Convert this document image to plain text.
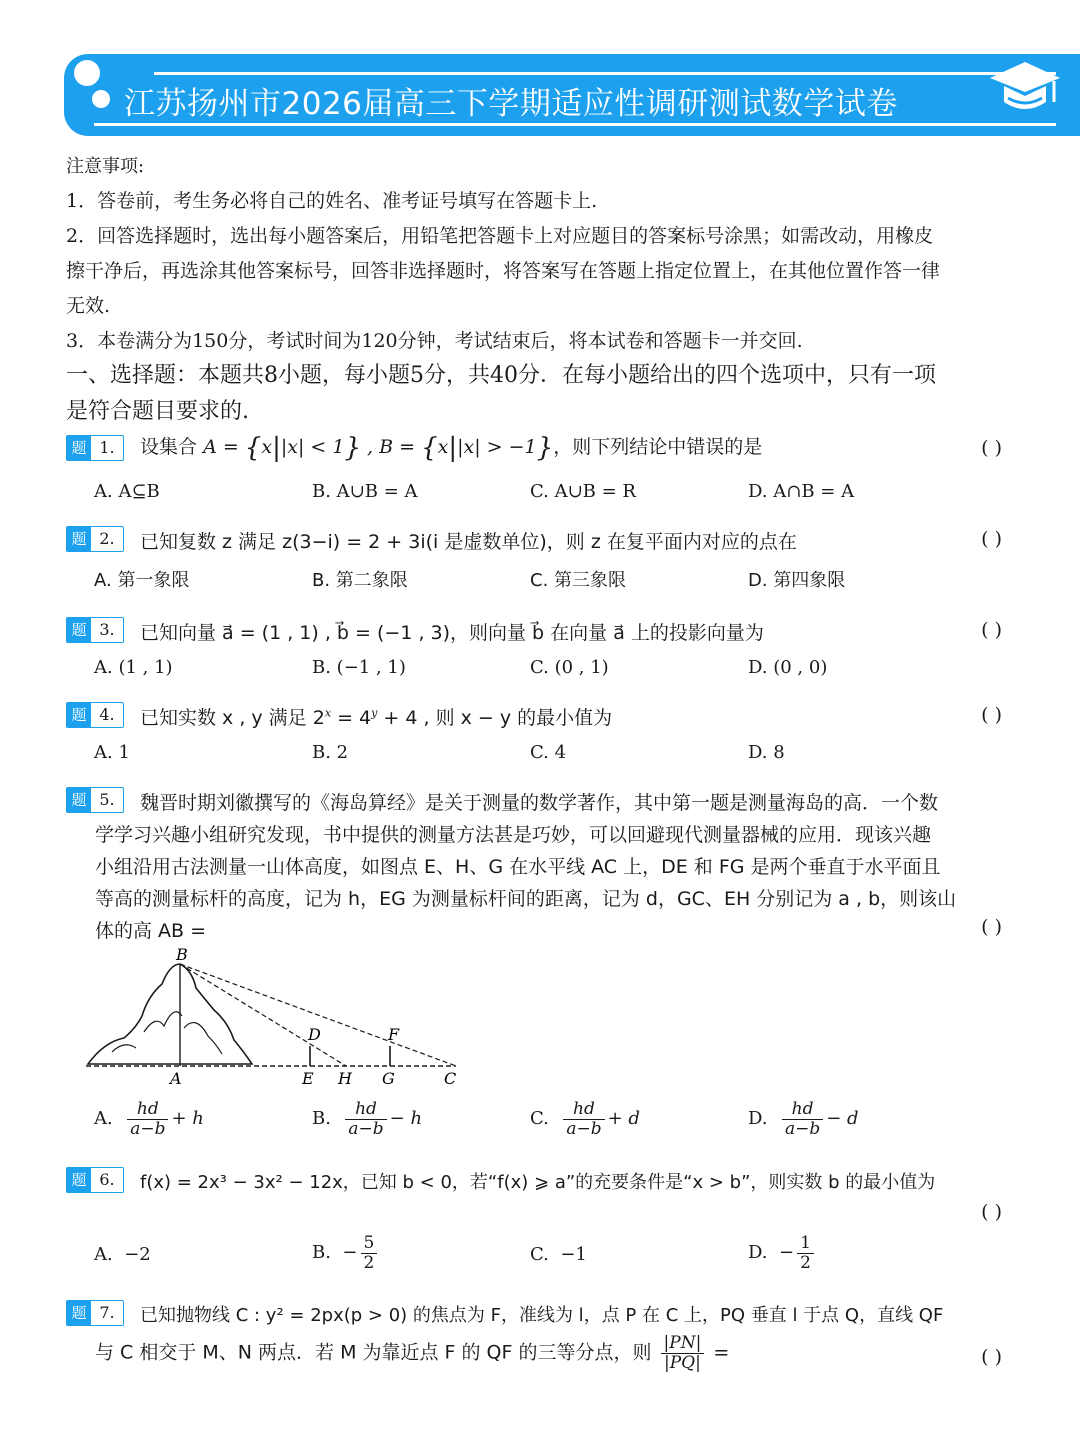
江苏扬州市2026届高三下学期适应性调研测试数学试卷
注意事项:
1．答卷前，考生务必将自己的姓名、准考证号填写在答题卡上.
2．回答选择题时，选出每小题答案后，用铅笔把答题卡上对应题目的答案标号涂黑；如需改动，用橡皮
擦干净后，再选涂其他答案标号，回答非选择题时，将答案写在答题上指定位置上，在其他位置作答一律
无效.
3．本卷满分为150分，考试时间为120分钟，考试结束后，将本试卷和答题卡一并交回.
一、选择题：本题共8小题，每小题5分，共40分．在每小题给出的四个选项中，只有一项
是符合题目要求的.
题 1.	设集合 A = {x||x| < 1} , B = {x||x| > −1}，则下列结论中错误的是	( )
A. A⊆B	B. A∪B = A	C. A∪B = R	D. A∩B = A
题 2.	已知复数 z 满足 z(3−i) = 2 + 3i(i 是虚数单位)，则 z 在复平面内对应的点在	( )
A. 第一象限	B. 第二象限	C. 第三象限	D. 第四象限
题 3.	已知向量 a⃗ = (1 , 1) , b⃗ = (−1 , 3)，则向量 b⃗ 在向量 a⃗ 上的投影向量为	( )
A. (1 , 1)	B. (−1 , 1)	C. (0 , 1)	D. (0 , 0)
题 4.	已知实数 x , y 满足 $2^x = 4^y + 4$ , 则 x − y 的最小值为	( )
A. 1	B. 2	C. 4	D. 8
题 5.	魏晋时期刘徽撰写的《海岛算经》是关于测量的数学著作，其中第一题是测量海岛的高．一个数
学学习兴趣小组研究发现，书中提供的测量方法甚是巧妙，可以回避现代测量器械的应用．现该兴趣
小组沿用古法测量一山体高度，如图点 E、H、G 在水平线 AC 上，DE 和 FG 是两个垂直于水平面且
等高的测量标杆的高度，记为 h，EG 为测量标杆间的距离，记为 d，GC、EH 分别记为 a , b，则该山
体的高 AB =	( )
B
D	F
A	E H G	C
A. $\frac{hd}{a-b} + h$	B. $\frac{hd}{a-b} - h$	C. $\frac{hd}{a-b} + d$	D. $\frac{hd}{a-b} - d$
题 6.	f(x) = 2x³ − 3x² − 12x，已知 b < 0，若“f(x) ⩾ a”的充要条件是“x > b”，则实数 b 的最小值为
( )
A. −2	B. − $\frac{5}{2}$	C. −1	D. − $\frac{1}{2}$
题 7.	已知抛物线 C : y² = 2px(p > 0) 的焦点为 F，准线为 l，点 P 在 C 上，PQ 垂直 l 于点 Q，直线 QF
与 C 相交于 M、N 两点．若 M 为靠近点 F 的 QF 的三等分点，则 $\frac{|PN|}{|PQ|}$ =	( )
